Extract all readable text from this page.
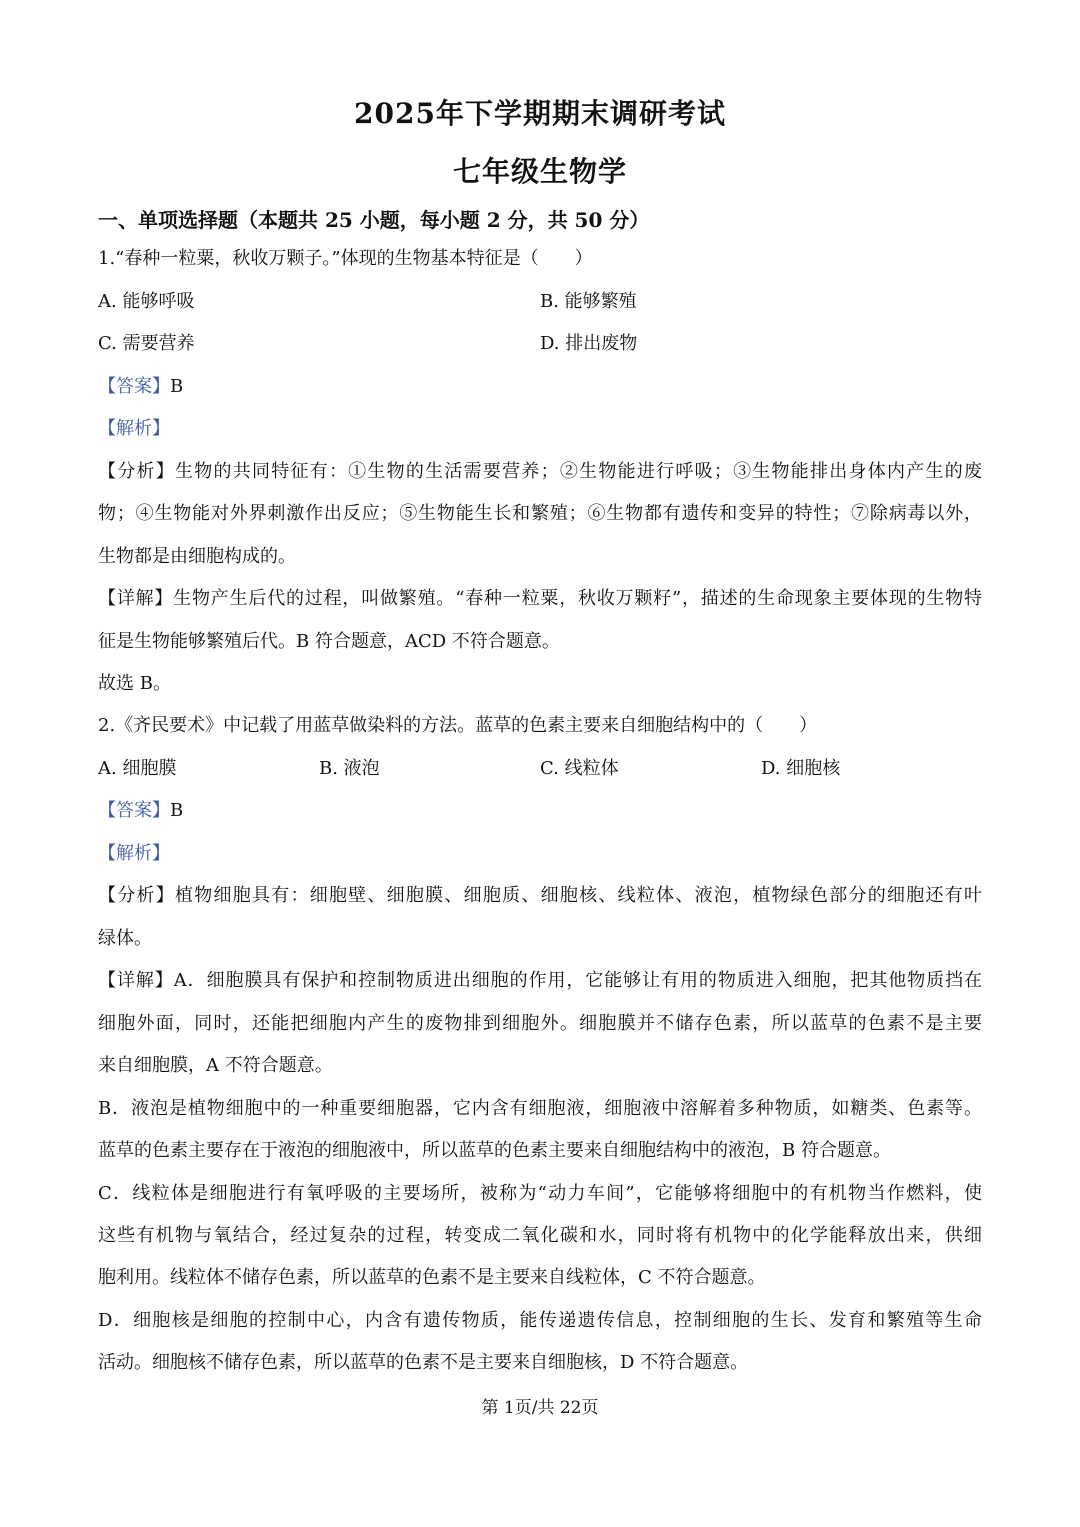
2025年下学期期末调研考试
七年级生物学
一、单项选择题（本题共 25 小题，每小题 2 分，共 50 分）
1.“春种一粒粟，秋收万颗子。”体现的生物基本特征是（　　）
A. 能够呼吸	B. 能够繁殖
C. 需要营养	D. 排出废物
【答案】B
【解析】
【分析】生物的共同特征有：①生物的生活需要营养；②生物能进行呼吸；③生物能排出身体内产生的废
物；④生物能对外界刺激作出反应；⑤生物能生长和繁殖；⑥生物都有遗传和变异的特性；⑦除病毒以外，
生物都是由细胞构成的。
【详解】生物产生后代的过程，叫做繁殖。“春种一粒粟，秋收万颗籽”，描述的生命现象主要体现的生物特
征是生物能够繁殖后代。B 符合题意，ACD 不符合题意。
故选 B。
2.《齐民要术》中记载了用蓝草做染料的方法。蓝草的色素主要来自细胞结构中的（　　）
A. 细胞膜	B. 液泡	C. 线粒体	D. 细胞核
【答案】B
【解析】
【分析】植物细胞具有：细胞壁、细胞膜、细胞质、细胞核、线粒体、液泡，植物绿色部分的细胞还有叶
绿体。
【详解】A．细胞膜具有保护和控制物质进出细胞的作用，它能够让有用的物质进入细胞，把其他物质挡在
细胞外面，同时，还能把细胞内产生的废物排到细胞外。细胞膜并不储存色素，所以蓝草的色素不是主要
来自细胞膜，A 不符合题意。
B．液泡是植物细胞中的一种重要细胞器，它内含有细胞液，细胞液中溶解着多种物质，如糖类、色素等。
蓝草的色素主要存在于液泡的细胞液中，所以蓝草的色素主要来自细胞结构中的液泡，B 符合题意。
C．线粒体是细胞进行有氧呼吸的主要场所，被称为“动力车间”，它能够将细胞中的有机物当作燃料，使
这些有机物与氧结合，经过复杂的过程，转变成二氧化碳和水，同时将有机物中的化学能释放出来，供细
胞利用。线粒体不储存色素，所以蓝草的色素不是主要来自线粒体，C 不符合题意。
D．细胞核是细胞的控制中心，内含有遗传物质，能传递遗传信息，控制细胞的生长、发育和繁殖等生命
活动。细胞核不储存色素，所以蓝草的色素不是主要来自细胞核，D 不符合题意。
第 1页/共 22页
